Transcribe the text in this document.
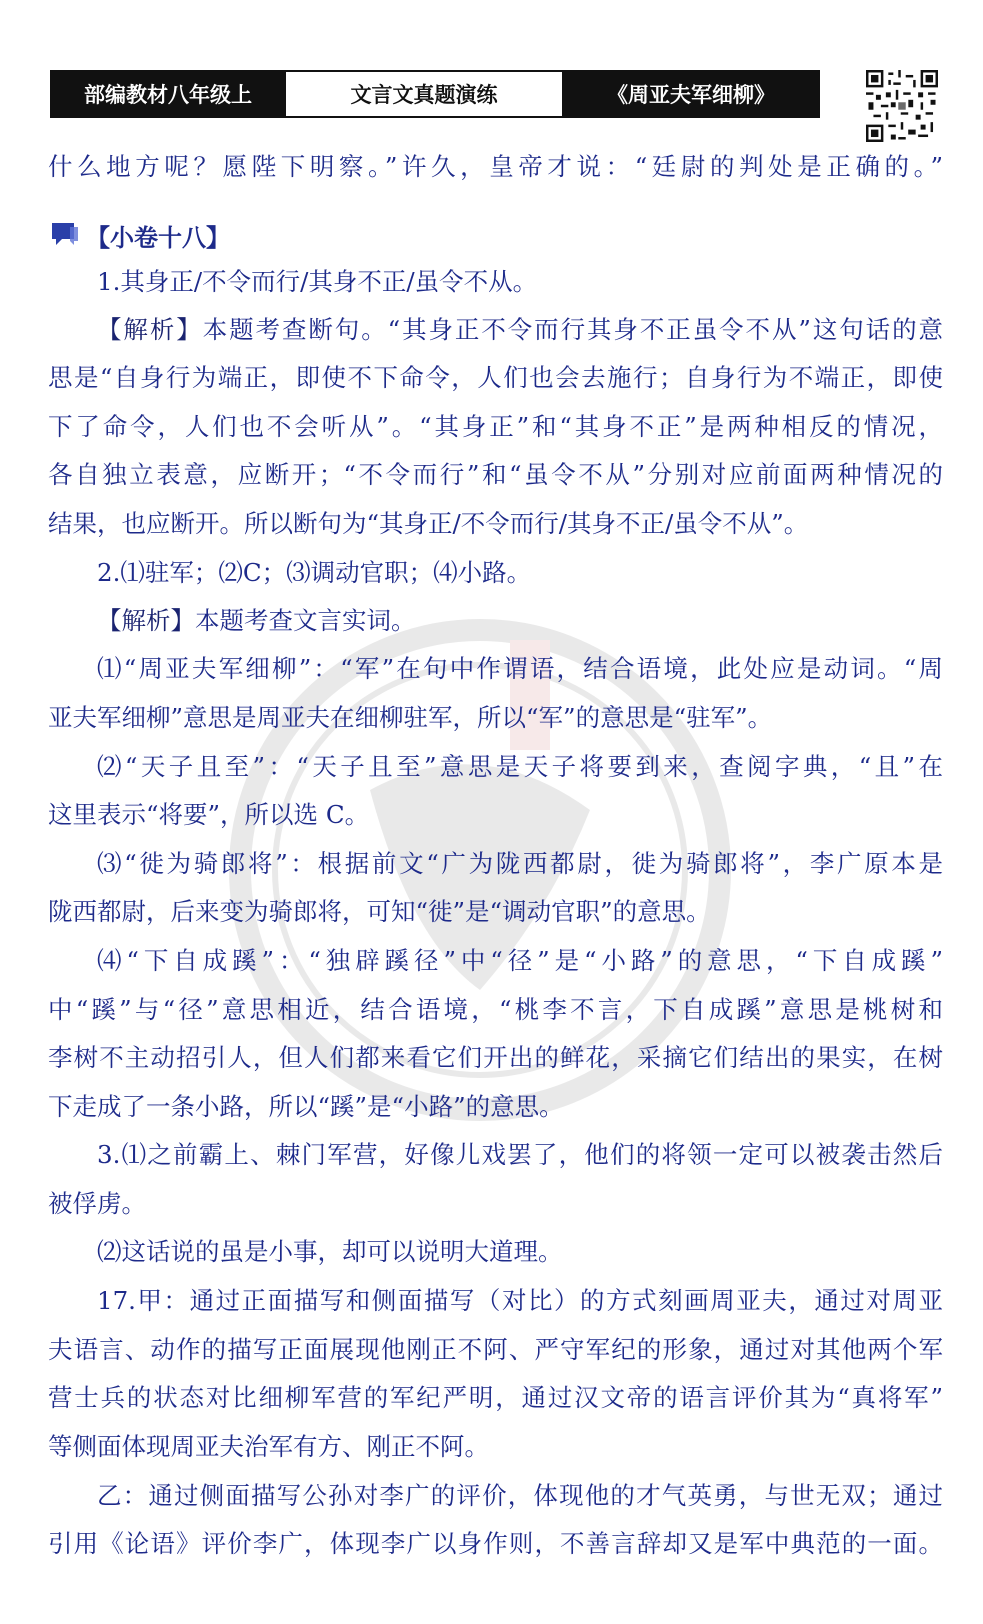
部编教材八年级上	文言文真题演练	《周亚夫军细柳》
什么地方呢？愿陛下明察。”许久，皇帝才说：“廷尉的判处是正确的。”
1.其身正/不令而行/其身不正/虽令不从。
【解析】本题考查断句。“其身正不令而行其身不正虽令不从”这句话的意
思是“自身行为端正，即使不下命令，人们也会去施行；自身行为不端正，即使
下了命令，人们也不会听从”。“其身正”和“其身不正”是两种相反的情况，
各自独立表意，应断开；“不令而行”和“虽令不从”分别对应前面两种情况的
结果，也应断开。所以断句为“其身正/不令而行/其身不正/虽令不从”。
2.⑴驻军；⑵C；⑶调动官职；⑷小路。
【解析】本题考查文言实词。
⑴“周亚夫军细柳”：“军”在句中作谓语，结合语境，此处应是动词。“周
亚夫军细柳”意思是周亚夫在细柳驻军，所以“军”的意思是“驻军”。
⑵“天子且至”：“天子且至”意思是天子将要到来，查阅字典，“且”在
这里表示“将要”，所以选 C。
⑶“徙为骑郎将”：根据前文“广为陇西都尉，徙为骑郎将”，李广原本是
陇西都尉，后来变为骑郎将，可知“徙”是“调动官职”的意思。
⑷“下自成蹊”：“独辟蹊径”中“径”是“小路”的意思，“下自成蹊”
中“蹊”与“径”意思相近，结合语境，“桃李不言，下自成蹊”意思是桃树和
李树不主动招引人，但人们都来看它们开出的鲜花，采摘它们结出的果实，在树
下走成了一条小路，所以“蹊”是“小路”的意思。
3.⑴之前霸上、棘门军营，好像儿戏罢了，他们的将领一定可以被袭击然后
被俘虏。
⑵这话说的虽是小事，却可以说明大道理。
17.甲：通过正面描写和侧面描写（对比）的方式刻画周亚夫，通过对周亚
夫语言、动作的描写正面展现他刚正不阿、严守军纪的形象，通过对其他两个军
营士兵的状态对比细柳军营的军纪严明，通过汉文帝的语言评价其为“真将军”
等侧面体现周亚夫治军有方、刚正不阿。
乙：通过侧面描写公孙对李广的评价，体现他的才气英勇，与世无双；通过
引用《论语》评价李广，体现李广以身作则，不善言辞却又是军中典范的一面。
【小卷十八】
